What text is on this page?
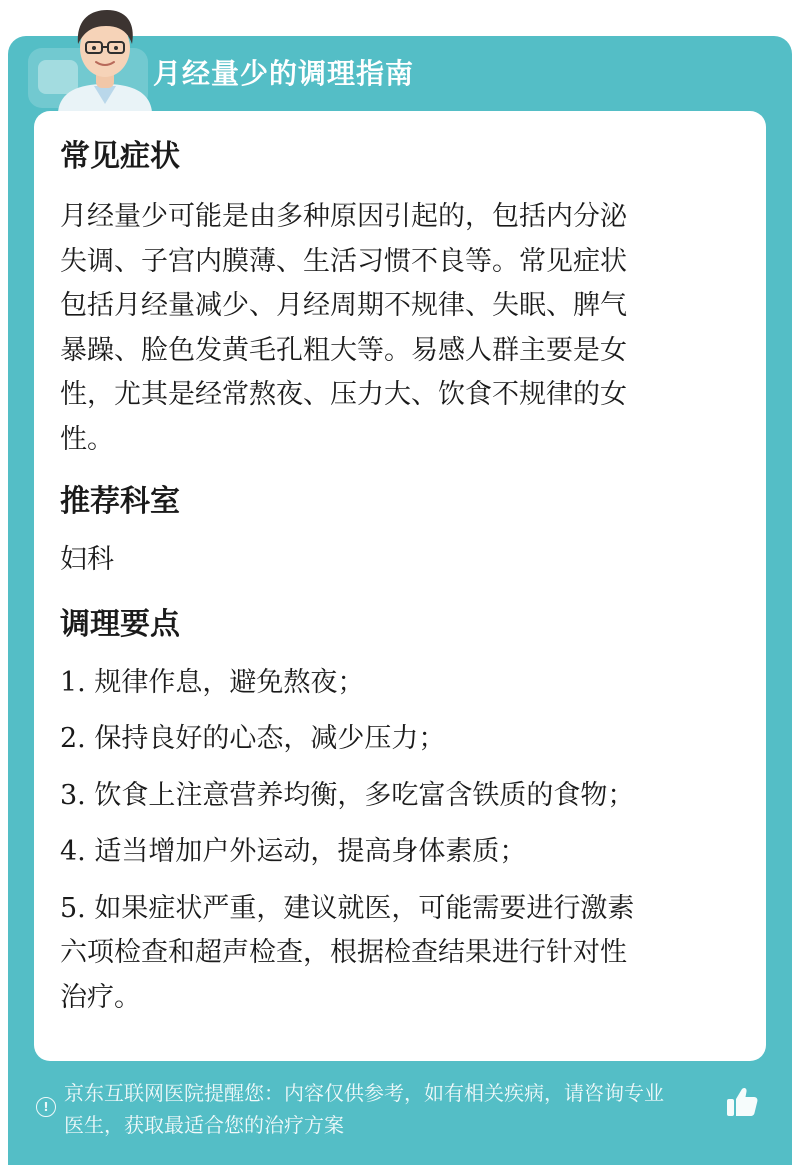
月经量少的调理指南
常见症状
月经量少可能是由多种原因引起的，包括内分泌
失调、子宫内膜薄、生活习惯不良等。常见症状
包括月经量减少、月经周期不规律、失眠、脾气
暴躁、脸色发黄毛孔粗大等。易感人群主要是女
性，尤其是经常熬夜、压力大、饮食不规律的女
性。
推荐科室
妇科
调理要点
1. 规律作息，避免熬夜；
2. 保持良好的心态，减少压力；
3. 饮食上注意营养均衡，多吃富含铁质的食物；
4. 适当增加户外运动，提高身体素质；
5. 如果症状严重，建议就医，可能需要进行激素
六项检查和超声检查，根据检查结果进行针对性
治疗。
!
京东互联网医院提醒您：内容仅供参考，如有相关疾病，请咨询专业
医生，获取最适合您的治疗方案
